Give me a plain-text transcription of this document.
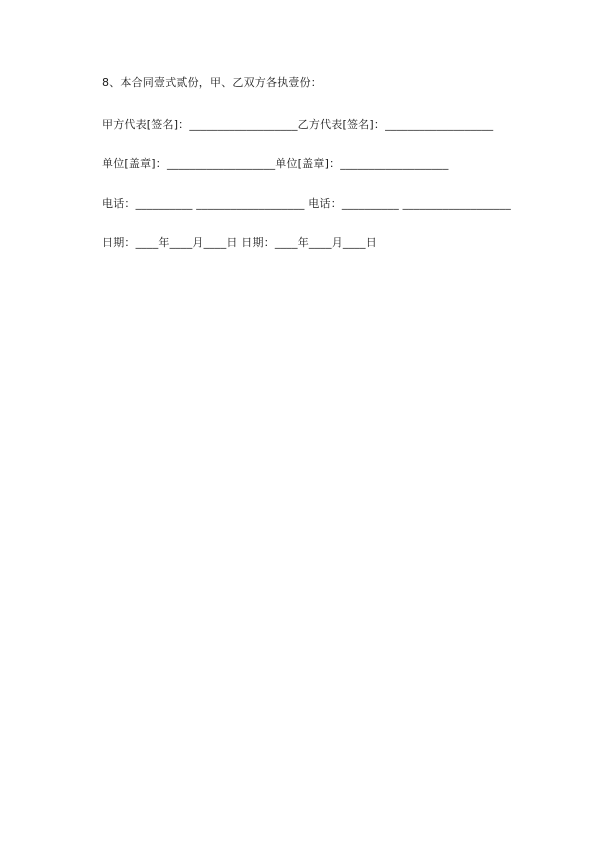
8、本合同壹式贰份，甲、乙双方各执壹份：
甲方代表[签名]：___________________乙方代表[签名]：___________________
单位[盖章]：___________________单位[盖章]：___________________
电话：__________ ___________________ 电话：__________ ___________________
日期：____年____月____日 日期：____年____月____日
